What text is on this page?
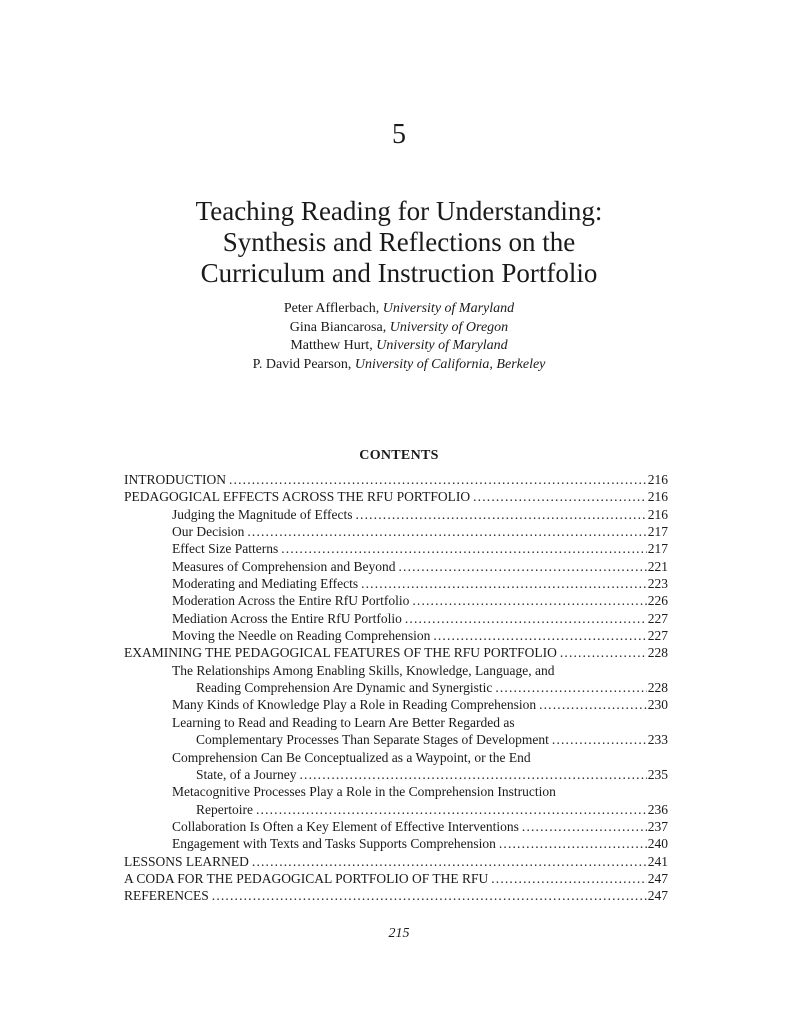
5
Teaching Reading for Understanding:
Synthesis and Reflections on the
Curriculum and Instruction Portfolio
Peter Afflerbach, University of Maryland
Gina Biancarosa, University of Oregon
Matthew Hurt, University of Maryland
P. David Pearson, University of California, Berkeley
CONTENTS
INTRODUCTION . . .	216
PEDAGOGICAL EFFECTS ACROSS THE RFU PORTFOLIO . . .	216
Judging the Magnitude of Effects . . .	216
Our Decision . . .	217
Effect Size Patterns . . .	217
Measures of Comprehension and Beyond . . .	221
Moderating and Mediating Effects . . .	223
Moderation Across the Entire RfU Portfolio . . .	226
Mediation Across the Entire RfU Portfolio . . .	227
Moving the Needle on Reading Comprehension . . .	227
EXAMINING THE PEDAGOGICAL FEATURES OF THE RFU PORTFOLIO . . .	228
The Relationships Among Enabling Skills, Knowledge, Language, and
Reading Comprehension Are Dynamic and Synergistic . . .	228
Many Kinds of Knowledge Play a Role in Reading Comprehension . . .	230
Learning to Read and Reading to Learn Are Better Regarded as
Complementary Processes Than Separate Stages of Development . . .	233
Comprehension Can Be Conceptualized as a Waypoint, or the End
State, of a Journey . . .	235
Metacognitive Processes Play a Role in the Comprehension Instruction
Repertoire . . .	236
Collaboration Is Often a Key Element of Effective Interventions . . .	237
Engagement with Texts and Tasks Supports Comprehension . . .	240
LESSONS LEARNED . . .	241
A CODA FOR THE PEDAGOGICAL PORTFOLIO OF THE RFU . . .	247
REFERENCES . . .	247
215
